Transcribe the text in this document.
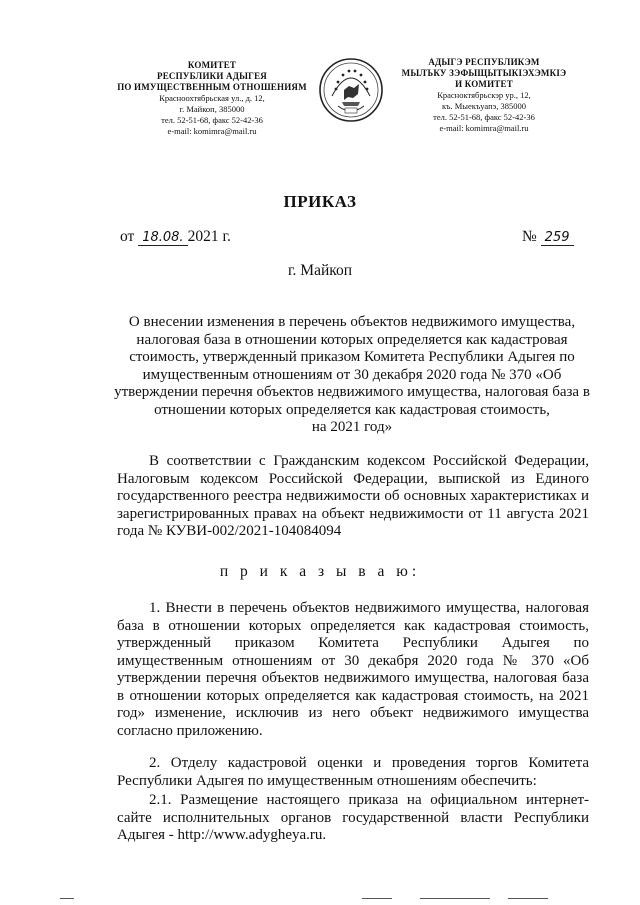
КОМИТЕТ
РЕСПУБЛИКИ АДЫГЕЯ
ПО ИМУЩЕСТВЕННЫМ ОТНОШЕНИЯМ
Красноохтябрьская ул., д. 12,
г. Майкоп, 385000
тел. 52-51-68, факс 52-42-36
e-mail: komimra@mail.ru
АДЫГЭ РЕСПУБЛИКЭМ
МЫЛЪКУ ЗЭФЫЩЫТЫКІЭХЭМКІЭ
И КОМИТЕТ
Красноктябрьскэр ур., 12,
къ. Мыекъуапэ, 385000
тел. 52-51-68, факс 52-42-36
e-mail: komimra@mail.ru
ПРИКАЗ
от 18.08. 2021 г.	№ 259
г. Майкоп
О внесении изменения в перечень объектов недвижимого имущества,
налоговая база в отношении которых определяется как кадастровая
стоимость, утвержденный приказом Комитета Республики Адыгея по
имущественным отношениям от 30 декабря 2020 года № 370 «Об
утверждении перечня объектов недвижимого имущества, налоговая база в
отношении которых определяется как кадастровая стоимость,
на 2021 год»
В соответствии с Гражданским кодексом Российской Федерации, Налоговым кодексом Российской Федерации, выпиской из Единого государственного реестра недвижимости об основных характеристиках и зарегистрированных правах на объект недвижимости от 11 августа 2021 года № КУВИ-002/2021-104084094
п р и к а з ы в а ю:
1. Внести в перечень объектов недвижимого имущества, налоговая база в отношении которых определяется как кадастровая стоимость, утвержденный приказом Комитета Республики Адыгея по имущественным отношениям от 30 декабря 2020 года № 370 «Об утверждении перечня объектов недвижимого имущества, налоговая база в отношении которых определяется как кадастровая стоимость, на 2021 год» изменение, исключив из него объект недвижимого имущества согласно приложению.
2. Отделу кадастровой оценки и проведения торгов Комитета Республики Адыгея по имущественным отношениям обеспечить:
2.1. Размещение настоящего приказа на официальном интернет-сайте исполнительных органов государственной власти Республики Адыгея - http://www.adygheya.ru.
